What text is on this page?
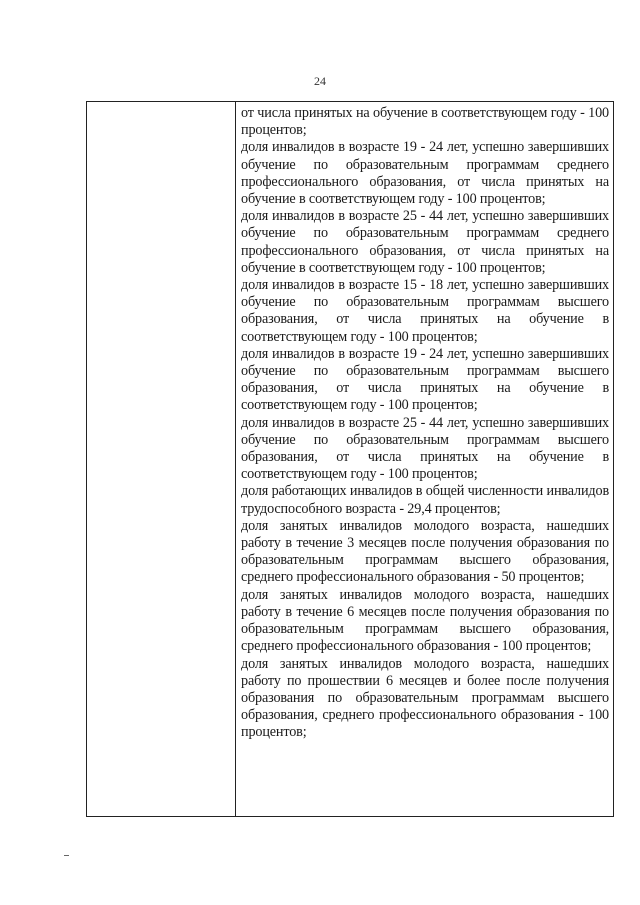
24

от числа принятых на обучение в соответствующем году - 100 процентов;

доля инвалидов в возрасте 19 - 24 лет, успешно завершивших обучение по образовательным программам среднего профессионального образования, от числа принятых на обучение в соответствующем году - 100 процентов;

доля инвалидов в возрасте 25 - 44 лет, успешно завершивших обучение по образовательным программам среднего профессионального образования, от числа принятых на обучение в соответствующем году - 100 процентов;

доля инвалидов в возрасте 15 - 18 лет, успешно завершивших обучение по образовательным программам высшего образования, от числа принятых на обучение в соответствующем году - 100 процентов;

доля инвалидов в возрасте 19 - 24 лет, успешно завершивших обучение по образовательным программам высшего образования, от числа принятых на обучение в соответствующем году - 100 процентов;

доля инвалидов в возрасте 25 - 44 лет, успешно завершивших обучение по образовательным программам высшего образования, от числа принятых на обучение в соответствующем году - 100 процентов;

доля работающих инвалидов в общей численности инвалидов трудоспособного возраста - 29,4 процентов;

доля занятых инвалидов молодого возраста, нашедших работу в течение 3 месяцев после получения образования по образовательным программам высшего образования, среднего профессионального образования - 50 процентов;

доля занятых инвалидов молодого возраста, нашедших работу в течение 6 месяцев после получения образования по образовательным программам высшего образования, среднего профессионального образования - 100 процентов;

доля занятых инвалидов молодого возраста, нашедших работу по прошествии 6 месяцев и более после получения образования по образовательным программам высшего образования, среднего профессионального образования - 100 процентов;
